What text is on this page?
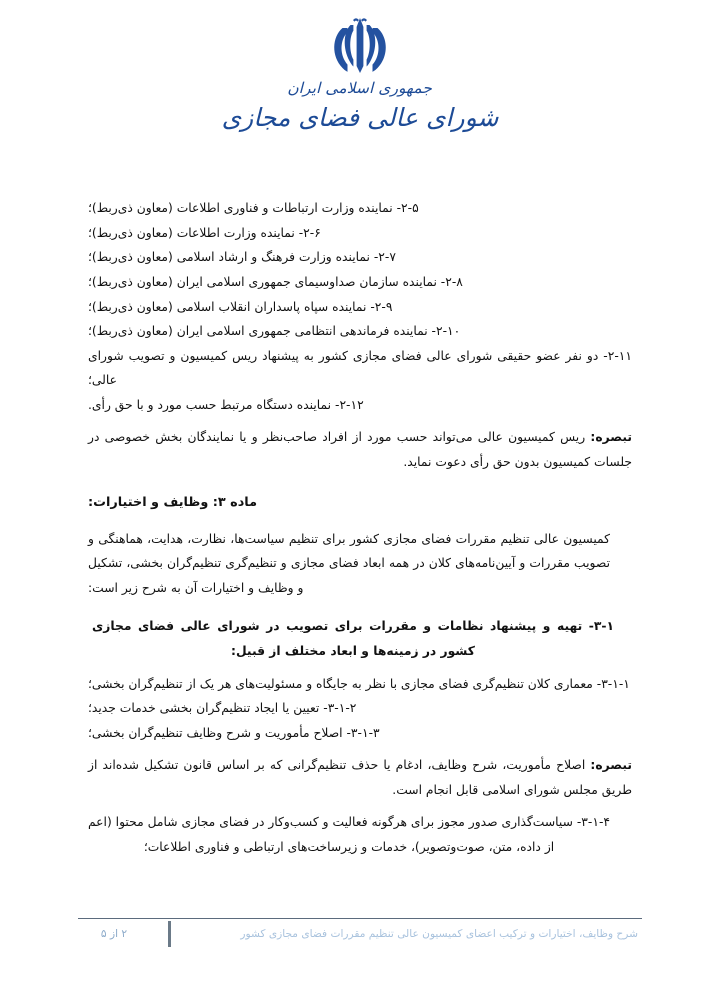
جمهوری اسلامی ایران
شورای عالی فضای مجازی
۲-۵- نماینده وزارت ارتباطات و فناوری اطلاعات (معاون ذی‌ربط)؛
۲-۶- نماینده وزارت اطلاعات (معاون ذی‌ربط)؛
۲-۷- نماینده وزارت فرهنگ و ارشاد اسلامی (معاون ذی‌ربط)؛
۲-۸- نماینده سازمان صداوسیمای جمهوری اسلامی ایران (معاون ذی‌ربط)؛
۲-۹- نماینده سپاه پاسداران انقلاب اسلامی (معاون ذی‌ربط)؛
۲-۱۰- نماینده فرماندهی انتظامی جمهوری اسلامی ایران (معاون ذی‌ربط)؛
۲-۱۱- دو نفر عضو حقیقی شورای عالی فضای مجازی کشور به پیشنهاد ریس کمیسیون و تصویب شورای عالی؛
۲-۱۲- نماینده دستگاه مرتبط حسب مورد و با حق رأی.
تبصره: ریس کمیسیون عالی می‌تواند حسب مورد از افراد صاحب‌نظر و یا نمایندگان بخش خصوصی در جلسات کمیسیون بدون حق رأی دعوت نماید.
ماده ۳: وظایف و اختیارات:
کمیسیون عالی تنظیم مقررات فضای مجازی کشور برای تنظیم سیاست‌ها، نظارت، هدایت، هماهنگی و تصویب مقررات و آیین‌نامه‌های کلان در همه ابعاد فضای مجازی و تنظیم‌گری تنظیم‌گران بخشی، تشکیل و وظایف و اختیارات آن به شرح زیر است:
۳-۱- تهیه و پیشنهاد نظامات و مقررات برای تصویب در شورای عالی فضای مجازی کشور در زمینه‌ها و ابعاد مختلف از قبیل:
۳-۱-۱- معماری کلان تنظیم‌گری فضای مجازی با نظر به جایگاه و مسئولیت‌های هر یک از تنظیم‌گران بخشی؛
۳-۱-۲- تعیین یا ایجاد تنظیم‌گران بخشی خدمات جدید؛
۳-۱-۳- اصلاح مأموریت و شرح وظایف تنظیم‌گران بخشی؛
تبصره: اصلاح مأموریت، شرح وظایف، ادغام یا حذف تنظیم‌گرانی که بر اساس قانون تشکیل شده‌اند از طریق مجلس شورای اسلامی قابل انجام است.
۳-۱-۴- سیاست‌گذاری صدور مجوز برای هرگونه فعالیت و کسب‌وکار در فضای مجازی شامل محتوا (اعم از داده، متن، صوت‌وتصویر)، خدمات و زیرساخت‌های ارتباطی و فناوری اطلاعات؛
شرح وظایف، اختیارات و ترکیب اعضای کمیسیون عالی تنظیم مقررات فضای مجازی کشور
۲ از ۵
